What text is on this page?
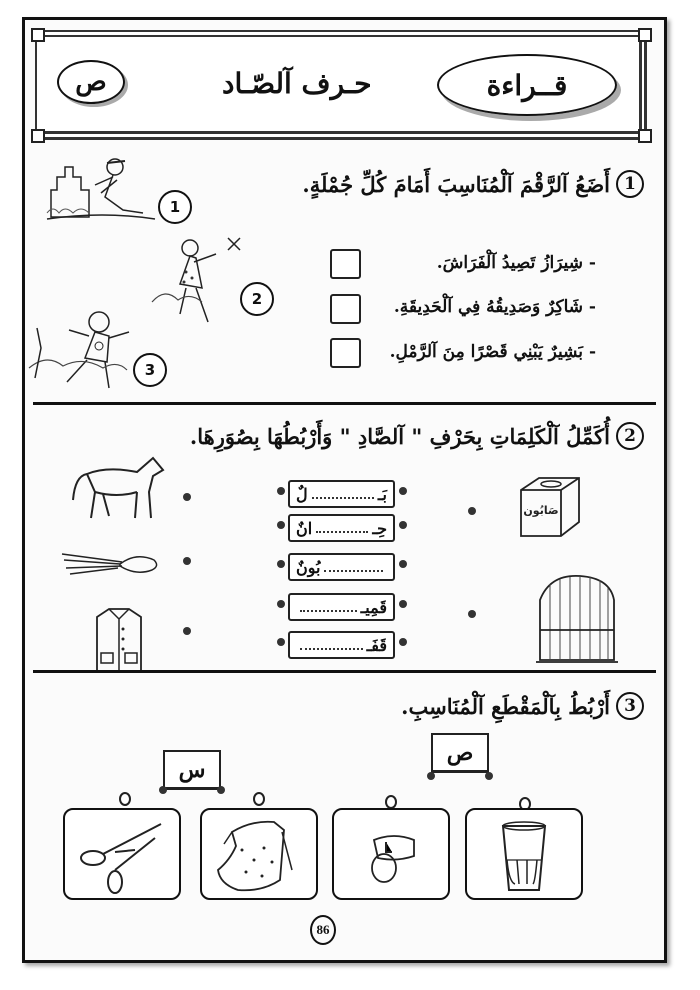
ص	حـرف آلصّـاد	قــراءة
1
أَضَعُ آلرَّقْمَ آلْمُنَاسِبَ أَمَامَ كُلِّ جُمْلَةٍ.
1
2
3
- شِيرَازُ تَصِيدُ آلْفَرَاشَ.
- شَاكِرٌ وَصَدِيقُهُ فِي آلْحَدِيقَةِ.
- بَشِيرٌ يَبْنِي قَصْرًا مِنَ آلرَّمْلِ.
2
أُكَمِّلُ آلْكَلِمَاتِ بِحَرْفِ " آلصَّادِ " وَأَرْبُطُهَا بِصُوَرِهَا.
بَـ
لٌ
حِـ
انٌ
بُونٌ
قَمِيـ
قَفَـ
صَابُون
3
أَرْبُطُ بِآلْمَقْطَعِ آلْمُنَاسِبِ.
س
ص
86
